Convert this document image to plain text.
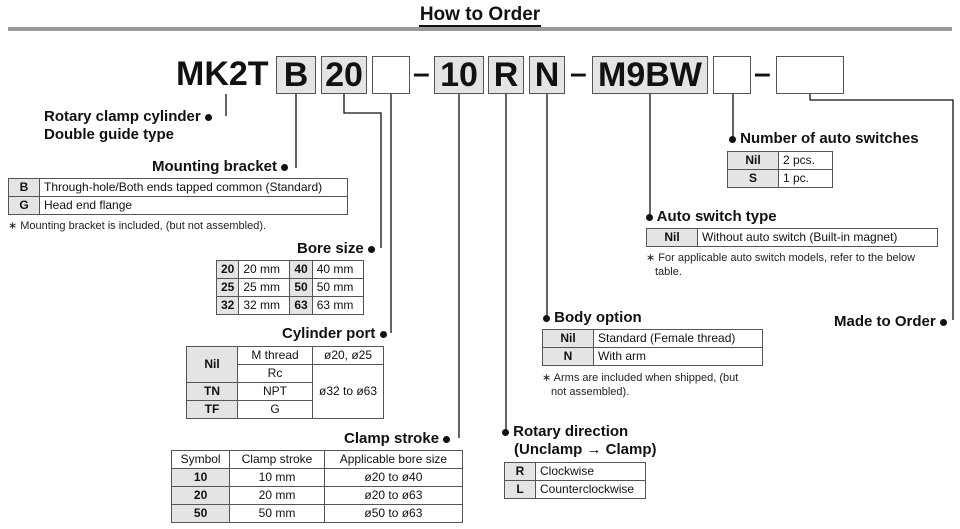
How to Order
MK2T B 20 – 10 R N – M9BW –
Rotary clamp cylinder
Double guide type
Mounting bracket
B	Through-hole/Both ends tapped common (Standard)
G	Head end flange
∗ Mounting bracket is included, (but not assembled).
Bore size
20	20 mm	40	40 mm
25	25 mm	50	50 mm
32	32 mm	63	63 mm
Cylinder port
Nil	M thread	ø20, ø25
	Rc	ø32 to ø63
TN	NPT	
TF	G	
Clamp stroke
Symbol	Clamp stroke	Applicable bore size
10	10 mm	ø20 to ø40
20	20 mm	ø20 to ø63
50	50 mm	ø50 to ø63
Rotary direction
(Unclamp → Clamp)
R	Clockwise
L	Counterclockwise
Body option
Nil	Standard (Female thread)
N	With arm
∗ Arms are included when shipped, (but
not assembled).
Auto switch type
Nil	Without auto switch (Built-in magnet)
∗ For applicable auto switch models, refer to the below
table.
Number of auto switches
Nil	2 pcs.
S	1 pc.
Made to Order
